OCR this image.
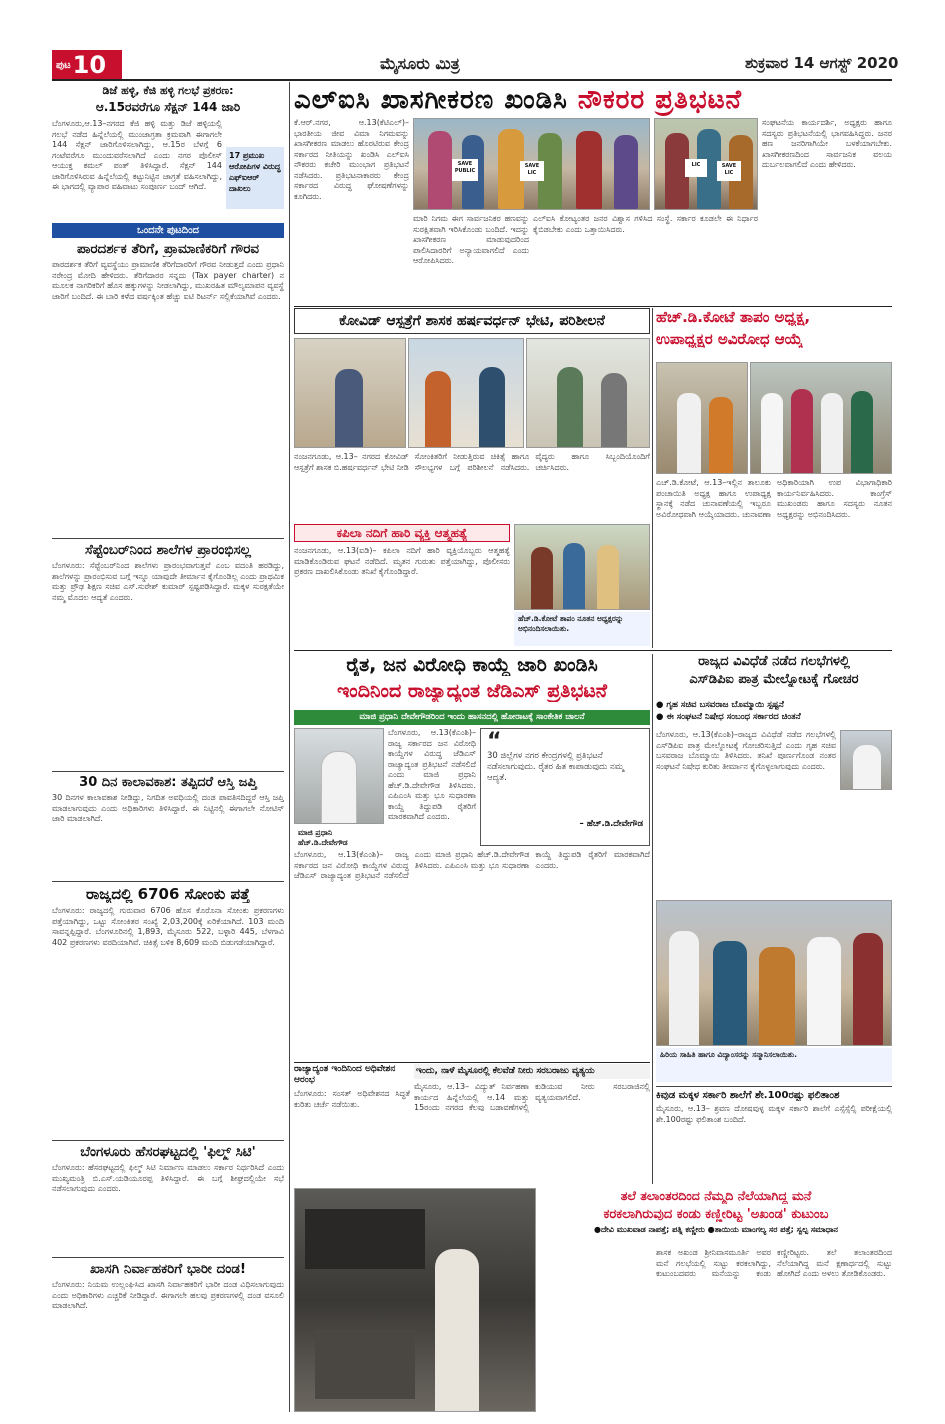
ಪುಟ 10	ಮೈಸೂರು ಮಿತ್ರ	ಶುಕ್ರವಾರ 14 ಆಗಸ್ಟ್ 2020
ಡಿಜೆ ಹಳ್ಳಿ, ಕೆಜಿ ಹಳ್ಳಿ ಗಲಭೆ ಪ್ರಕರಣ:
ಆ.15ರವರೆಗೂ ಸೆಕ್ಷನ್ 144 ಜಾರಿ
ಬೆಂಗಳೂರು,ಆ.13–ನಗರದ ಕೆಜಿ ಹಳ್ಳಿ ಮತ್ತು ಡಿಜೆ ಹಳ್ಳಿಯಲ್ಲಿ ಗಲಭೆ ನಡೆದ ಹಿನ್ನೆಲೆಯಲ್ಲಿ ಮುಂಜಾಗ್ರತಾ ಕ್ರಮವಾಗಿ ಈಗಾಗಲೇ 144 ಸೆಕ್ಷನ್ ಜಾರಿಗೊಳಿಸಲಾಗಿದ್ದು, ಆ.15ರ ಬೆಳಗ್ಗೆ 6 ಗಂಟೆವರೆಗೂ ಮುಂದುವರೆಸಲಾಗಿದೆ ಎಂದು ನಗರ ಪೊಲೀಸ್ ಆಯುಕ್ತ ಕಮಲ್ ಪಂತ್ ತಿಳಿಸಿದ್ದಾರೆ. ಸೆಕ್ಷನ್ 144 ಜಾರಿಗೊಳಿಸಿರುವ ಹಿನ್ನೆಲೆಯಲ್ಲಿ ಕಟ್ಟುನಿಟ್ಟಿನ ಜಾಗ್ರತೆ ವಹಿಸಲಾಗಿದ್ದು, ಈ ಭಾಗದಲ್ಲಿ ವ್ಯಾಪಾರ ವಹಿವಾಟು ಸಂಪೂರ್ಣ ಬಂದ್ ಆಗಿದೆ.
17 ಪ್ರಮುಖ ಆರೋಪಿಗಳ ವಿರುದ್ಧ ಎಫ್‍ಐಆರ್ ದಾಖಲು
ಒಂದನೇ ಪುಟದಿಂದ
ಪಾರದರ್ಶಕ ತೆರಿಗೆ, ಪ್ರಾಮಾಣಿಕರಿಗೆ ಗೌರವ
ಪಾರದರ್ಶಕ ತೆರಿಗೆ ವ್ಯವಸ್ಥೆಯು ಪ್ರಾಮಾಣಿಕ ತೆರಿಗೆದಾರರಿಗೆ ಗೌರವ ನೀಡುತ್ತದೆ ಎಂದು ಪ್ರಧಾನಿ ನರೇಂದ್ರ ಮೋದಿ ಹೇಳಿದರು. ತೆರಿಗೆದಾರರ ಸನ್ನದು (Tax payer charter) ನ ಮೂಲಕ ನಾಗರಿಕರಿಗೆ ಹೊಸ ಹಕ್ಕುಗಳನ್ನು ನೀಡಲಾಗಿದ್ದು, ಮುಖರಹಿತ ಮೌಲ್ಯಮಾಪನ ವ್ಯವಸ್ಥೆ ಜಾರಿಗೆ ಬಂದಿದೆ. ಈ ಬಾರಿ ಕಳೆದ ವರ್ಷಕ್ಕಿಂತ ಹೆಚ್ಚು ಐಟಿ ರಿಟರ್ನ್ ಸಲ್ಲಿಕೆಯಾಗಿವೆ ಎಂದರು.
ಸೆಪ್ಟೆಂಬರ್‌ನಿಂದ ಶಾಲೆಗಳ ಪ್ರಾರಂಭಿಸಲ್ಲ
ಬೆಂಗಳೂರು: ಸೆಪ್ಟೆಂಬರ್‌ನಿಂದ ಶಾಲೆಗಳು ಪ್ರಾರಂಭವಾಗುತ್ತವೆ ಎಂಬ ವದಂತಿ ಹರಡಿದ್ದು, ಶಾಲೆಗಳನ್ನು ಪ್ರಾರಂಭಿಸುವ ಬಗ್ಗೆ ಇನ್ನೂ ಯಾವುದೇ ತೀರ್ಮಾನ ಕೈಗೊಂಡಿಲ್ಲ ಎಂದು ಪ್ರಾಥಮಿಕ ಮತ್ತು ಪ್ರೌಢ ಶಿಕ್ಷಣ ಸಚಿವ ಎಸ್.ಸುರೇಶ್ ಕುಮಾರ್ ಸ್ಪಷ್ಟಪಡಿಸಿದ್ದಾರೆ. ಮಕ್ಕಳ ಸುರಕ್ಷತೆಯೇ ನಮ್ಮ ಮೊದಲ ಆದ್ಯತೆ ಎಂದರು.
30 ದಿನ ಕಾಲಾವಕಾಶ: ತಪ್ಪಿದರೆ ಆಸ್ತಿ ಜಪ್ತಿ
30 ದಿನಗಳ ಕಾಲಾವಕಾಶ ನೀಡಿದ್ದು, ನಿಗದಿತ ಅವಧಿಯಲ್ಲಿ ದಂಡ ಪಾವತಿಸದಿದ್ದರೆ ಆಸ್ತಿ ಜಪ್ತಿ ಮಾಡಲಾಗುವುದು ಎಂದು ಅಧಿಕಾರಿಗಳು ತಿಳಿಸಿದ್ದಾರೆ. ಈ ನಿಟ್ಟಿನಲ್ಲಿ ಈಗಾಗಲೇ ನೋಟಿಸ್ ಜಾರಿ ಮಾಡಲಾಗಿದೆ.
ರಾಜ್ಯದಲ್ಲಿ 6706 ಸೋಂಕು ಪತ್ತೆ
ಬೆಂಗಳೂರು: ರಾಜ್ಯದಲ್ಲಿ ಗುರುವಾರ 6706 ಹೊಸ ಕೊರೊನಾ ಸೋಂಕು ಪ್ರಕರಣಗಳು ಪತ್ತೆಯಾಗಿದ್ದು, ಒಟ್ಟು ಸೋಂಕಿತರ ಸಂಖ್ಯೆ 2,03,200ಕ್ಕೆ ಏರಿಕೆಯಾಗಿದೆ. 103 ಮಂದಿ ಸಾವನ್ನಪ್ಪಿದ್ದಾರೆ. ಬೆಂಗಳೂರಿನಲ್ಲಿ 1,893, ಮೈಸೂರು 522, ಬಳ್ಳಾರಿ 445, ಬೆಳಗಾವಿ 402 ಪ್ರಕರಣಗಳು ವರದಿಯಾಗಿವೆ. ಚಿಕಿತ್ಸೆ ಬಳಿಕ 8,609 ಮಂದಿ ಬಿಡುಗಡೆಯಾಗಿದ್ದಾರೆ.
ಬೆಂಗಳೂರು ಹೆಸರಘಟ್ಟದಲ್ಲಿ 'ಫಿಲ್ಮ್ ಸಿಟಿ'
ಬೆಂಗಳೂರು: ಹೆಸರಘಟ್ಟದಲ್ಲಿ ಫಿಲ್ಮ್ ಸಿಟಿ ನಿರ್ಮಾಣ ಮಾಡಲು ಸರ್ಕಾರ ನಿರ್ಧರಿಸಿದೆ ಎಂದು ಮುಖ್ಯಮಂತ್ರಿ ಬಿ.ಎಸ್.ಯಡಿಯೂರಪ್ಪ ತಿಳಿಸಿದ್ದಾರೆ. ಈ ಬಗ್ಗೆ ಶೀಘ್ರದಲ್ಲಿಯೇ ಸಭೆ ನಡೆಸಲಾಗುವುದು ಎಂದರು.
ಖಾಸಗಿ ನಿರ್ವಾಹಕರಿಗೆ ಭಾರೀ ದಂಡ!
ಬೆಂಗಳೂರು: ನಿಯಮ ಉಲ್ಲಂಘಿಸಿದ ಖಾಸಗಿ ನಿರ್ವಾಹಕರಿಗೆ ಭಾರೀ ದಂಡ ವಿಧಿಸಲಾಗುವುದು ಎಂದು ಅಧಿಕಾರಿಗಳು ಎಚ್ಚರಿಕೆ ನೀಡಿದ್ದಾರೆ. ಈಗಾಗಲೇ ಹಲವು ಪ್ರಕರಣಗಳಲ್ಲಿ ದಂಡ ವಸೂಲಿ ಮಾಡಲಾಗಿದೆ.
ಎಲ್‌ಐಸಿ ಖಾಸಗೀಕರಣ ಖಂಡಿಸಿ ನೌಕರರ ಪ್ರತಿಭಟನೆ
ಕೆ.ಆರ್.ನಗರ, ಆ.13(ಕೆಟಿಎಲ್)–ಭಾರತೀಯ ಜೀವ ವಿಮಾ ನಿಗಮವನ್ನು ಖಾಸಗೀಕರಣ ಮಾಡಲು ಹೊರಟಿರುವ ಕೇಂದ್ರ ಸರ್ಕಾರದ ನೀತಿಯನ್ನು ಖಂಡಿಸಿ ಎಲ್‌ಐಸಿ ನೌಕರರು ಕಚೇರಿ ಮುಂಭಾಗ ಪ್ರತಿಭಟನೆ ನಡೆಸಿದರು. ಪ್ರತಿಭಟನಾಕಾರರು ಕೇಂದ್ರ ಸರ್ಕಾರದ ವಿರುದ್ಧ ಘೋಷಣೆಗಳನ್ನು ಕೂಗಿದರು.
SAVE PUBLIC
SAVE LIC
LIC	SAVE LIC
ಸಂಘಟನೆಯ ಕಾರ್ಯದರ್ಶಿ, ಅಧ್ಯಕ್ಷರು ಹಾಗೂ ಸದಸ್ಯರು ಪ್ರತಿಭಟನೆಯಲ್ಲಿ ಭಾಗವಹಿಸಿದ್ದರು. ಜನರ ಹಣ ಜನರಿಗಾಗಿಯೇ ಬಳಕೆಯಾಗಬೇಕು. ಖಾಸಗೀಕರಣದಿಂದ ಸಾರ್ವಜನಿಕ ವಲಯ ದುರ್ಬಲವಾಗಲಿದೆ ಎಂದು ಹೇಳಿದರು.
ಮಾರಿ ನಿಗಮ ಈಗ ಸಾರ್ವಜನಿಕರ ಹಣವನ್ನು ಸುರಕ್ಷಿತವಾಗಿ ಇರಿಸಿಕೊಂಡು ಬಂದಿದೆ. ಇದನ್ನು ಖಾಸಗೀಕರಣ ಮಾಡುವುದರಿಂದ ಪಾಲಿಸಿದಾರರಿಗೆ ಅನ್ಯಾಯವಾಗಲಿದೆ ಎಂದು ಆರೋಪಿಸಿದರು.
ಎಲ್‌ಐಸಿ ಕೋಟ್ಯಂತರ ಜನರ ವಿಶ್ವಾಸ ಗಳಿಸಿದ ಸಂಸ್ಥೆ. ಸರ್ಕಾರ ಕೂಡಲೇ ಈ ನಿರ್ಧಾರ ಕೈಬಿಡಬೇಕು ಎಂದು ಒತ್ತಾಯಿಸಿದರು.
ಕೋವಿಡ್ ಆಸ್ಪತ್ರೆಗೆ ಶಾಸಕ ಹರ್ಷವರ್ಧನ್ ಭೇಟಿ, ಪರಿಶೀಲನೆ
ನಂಜನಗೂಡು, ಆ.13– ನಗರದ ಕೋವಿಡ್ ಆಸ್ಪತ್ರೆಗೆ ಶಾಸಕ ಬಿ.ಹರ್ಷವರ್ಧನ್ ಭೇಟಿ ನೀಡಿ ಸೋಂಕಿತರಿಗೆ ನೀಡುತ್ತಿರುವ ಚಿಕಿತ್ಸೆ ಹಾಗೂ ಸೌಲಭ್ಯಗಳ ಬಗ್ಗೆ ಪರಿಶೀಲನೆ ನಡೆಸಿದರು. ವೈದ್ಯರು ಹಾಗೂ ಸಿಬ್ಬಂದಿಯೊಂದಿಗೆ ಚರ್ಚಿಸಿದರು.
ಕಪಿಲಾ ನದಿಗೆ ಹಾರಿ ವ್ಯಕ್ತಿ ಆತ್ಮಹತ್ಯೆ
ನಂಜನಗೂಡು, ಆ.13(ಐಡಿ)– ಕಪಿಲಾ ನದಿಗೆ ಹಾರಿ ವ್ಯಕ್ತಿಯೊಬ್ಬರು ಆತ್ಮಹತ್ಯೆ ಮಾಡಿಕೊಂಡಿರುವ ಘಟನೆ ನಡೆದಿದೆ. ಮೃತನ ಗುರುತು ಪತ್ತೆಯಾಗಿದ್ದು, ಪೊಲೀಸರು ಪ್ರಕರಣ ದಾಖಲಿಸಿಕೊಂಡು ತನಿಖೆ ಕೈಗೊಂಡಿದ್ದಾರೆ.
ಹೆಚ್.ಡಿ.ಕೋಟೆ ತಾಪಂ ನೂತನ ಅಧ್ಯಕ್ಷರನ್ನು ಅಭಿನಂದಿಸಲಾಯಿತು.
ಹೆಚ್.ಡಿ.ಕೋಟೆ ತಾಪಂ ಅಧ್ಯಕ್ಷ,
ಉಪಾಧ್ಯಕ್ಷರ ಅವಿರೋಧ ಆಯ್ಕೆ
ಎಚ್.ಡಿ.ಕೋಟೆ, ಆ.13–ಇಲ್ಲಿನ ತಾಲೂಕು ಪಂಚಾಯಿತಿ ಅಧ್ಯಕ್ಷ ಹಾಗೂ ಉಪಾಧ್ಯಕ್ಷ ಸ್ಥಾನಕ್ಕೆ ನಡೆದ ಚುನಾವಣೆಯಲ್ಲಿ ಇಬ್ಬರೂ ಅವಿರೋಧವಾಗಿ ಆಯ್ಕೆಯಾದರು. ಚುನಾವಣಾ ಅಧಿಕಾರಿಯಾಗಿ ಉಪ ವಿಭಾಗಾಧಿಕಾರಿ ಕಾರ್ಯನಿರ್ವಹಿಸಿದರು. ಕಾಂಗ್ರೆಸ್ ಮುಖಂಡರು ಹಾಗೂ ಸದಸ್ಯರು ನೂತನ ಅಧ್ಯಕ್ಷರನ್ನು ಅಭಿನಂದಿಸಿದರು.
ರೈತ, ಜನ ವಿರೋಧಿ ಕಾಯ್ದೆ ಜಾರಿ ಖಂಡಿಸಿ
ಇಂದಿನಿಂದ ರಾಜ್ಯಾದ್ಯಂತ ಜೆಡಿಎಸ್ ಪ್ರತಿಭಟನೆ
ಮಾಜಿ ಪ್ರಧಾನಿ ದೇವೇಗೌಡರಿಂದ ಇಂದು ಹಾಸನದಲ್ಲಿ ಹೋರಾಟಕ್ಕೆ ಸಾಂಕೇತಿಕ ಚಾಲನೆ
ಮಾಜಿ ಪ್ರಧಾನಿ ಹೆಚ್.ಡಿ.ದೇವೇಗೌಡ
ಬೆಂಗಳೂರು, ಆ.13(ಕೆಎಂಶಿ)– ರಾಜ್ಯ ಸರ್ಕಾರದ ಜನ ವಿರೋಧಿ ಕಾಯ್ದೆಗಳ ವಿರುದ್ಧ ಜೆಡಿಎಸ್ ರಾಜ್ಯಾದ್ಯಂತ ಪ್ರತಿಭಟನೆ ನಡೆಸಲಿದೆ ಎಂದು ಮಾಜಿ ಪ್ರಧಾನಿ ಹೆಚ್.ಡಿ.ದೇವೇಗೌಡ ತಿಳಿಸಿದರು. ಎಪಿಎಂಸಿ ಮತ್ತು ಭೂ ಸುಧಾರಣಾ ಕಾಯ್ದೆ ತಿದ್ದುಪಡಿ ರೈತರಿಗೆ ಮಾರಕವಾಗಿದೆ ಎಂದರು.
“
30 ಜಿಲ್ಲೆಗಳ ನಗರ ಕೇಂದ್ರಗಳಲ್ಲಿ ಪ್ರತಿಭಟನೆ ನಡೆಸಲಾಗುವುದು. ರೈತರ ಹಿತ ಕಾಪಾಡುವುದು ನಮ್ಮ ಆದ್ಯತೆ.
– ಹೆಚ್.ಡಿ.ದೇವೇಗೌಡ
ಬೆಂಗಳೂರು, ಆ.13(ಕೆಎಂಶಿ)– ರಾಜ್ಯ ಸರ್ಕಾರದ ಜನ ವಿರೋಧಿ ಕಾಯ್ದೆಗಳ ವಿರುದ್ಧ ಜೆಡಿಎಸ್ ರಾಜ್ಯಾದ್ಯಂತ ಪ್ರತಿಭಟನೆ ನಡೆಸಲಿದೆ ಎಂದು ಮಾಜಿ ಪ್ರಧಾನಿ ಹೆಚ್.ಡಿ.ದೇವೇಗೌಡ ತಿಳಿಸಿದರು. ಎಪಿಎಂಸಿ ಮತ್ತು ಭೂ ಸುಧಾರಣಾ ಕಾಯ್ದೆ ತಿದ್ದುಪಡಿ ರೈತರಿಗೆ ಮಾರಕವಾಗಿದೆ ಎಂದರು.
ರಾಜ್ಯಾದ್ಯಂತ ಇಂದಿನಿಂದ ಅಧಿವೇಶನ ಆರಂಭ
ಬೆಂಗಳೂರು: ಸಂಸತ್ ಅಧಿವೇಶನದ ಸಿದ್ಧತೆ ಕುರಿತು ಚರ್ಚೆ ನಡೆಯಿತು.
ಇಂದು, ನಾಳೆ ಮೈಸೂರಲ್ಲಿ ಕೆಲವೆಡೆ ನೀರು ಸರಬರಾಜು ವ್ಯತ್ಯಯ
ಮೈಸೂರು, ಆ.13– ವಿದ್ಯುತ್ ನಿರ್ವಹಣಾ ಕಾರ್ಯದ ಹಿನ್ನೆಲೆಯಲ್ಲಿ ಆ.14 ಮತ್ತು 15ರಂದು ನಗರದ ಕೆಲವು ಬಡಾವಣೆಗಳಲ್ಲಿ ಕುಡಿಯುವ ನೀರು ಸರಬರಾಜಿನಲ್ಲಿ ವ್ಯತ್ಯಯವಾಗಲಿದೆ.
ರಾಜ್ಯದ ವಿವಿಧೆಡೆ ನಡೆದ ಗಲಭೆಗಳಲ್ಲಿ
ಎಸ್‌ಡಿಪಿಐ ಪಾತ್ರ ಮೇಲ್ನೋಟಕ್ಕೆ ಗೋಚರ
● ಗೃಹ ಸಚಿವ ಬಸವರಾಜ ಬೊಮ್ಮಾಯಿ ಸ್ಪಷ್ಟನೆ
● ಈ ಸಂಘಟನೆ ನಿಷೇಧ ಸಂಬಂಧ ಸರ್ಕಾರದ ಚಿಂತನೆ
ಬೆಂಗಳೂರು, ಆ.13(ಕೆಎಂಶಿ)–ರಾಜ್ಯದ ವಿವಿಧೆಡೆ ನಡೆದ ಗಲಭೆಗಳಲ್ಲಿ ಎಸ್‌ಡಿಪಿಐ ಪಾತ್ರ ಮೇಲ್ನೋಟಕ್ಕೆ ಗೋಚರಿಸುತ್ತಿದೆ ಎಂದು ಗೃಹ ಸಚಿವ ಬಸವರಾಜ ಬೊಮ್ಮಾಯಿ ತಿಳಿಸಿದರು. ತನಿಖೆ ಪೂರ್ಣಗೊಂಡ ನಂತರ ಸಂಘಟನೆ ನಿಷೇಧ ಕುರಿತು ತೀರ್ಮಾನ ಕೈಗೊಳ್ಳಲಾಗುವುದು ಎಂದರು.
ಹಿರಿಯ ಸಾಹಿತಿ ಹಾಗೂ ವಿದ್ಯಾಂಸರನ್ನು ಸನ್ಮಾನಿಸಲಾಯಿತು.
ಕಿವುಡ ಮಕ್ಕಳ ಸರ್ಕಾರಿ ಶಾಲೆಗೆ ಶೇ.100ರಷ್ಟು ಫಲಿತಾಂಶ
ಮೈಸೂರು, ಆ.13– ಶ್ರವಣ ದೋಷವುಳ್ಳ ಮಕ್ಕಳ ಸರ್ಕಾರಿ ಶಾಲೆಗೆ ಎಸ್ಸೆಸ್ಸೆಲ್ಸಿ ಪರೀಕ್ಷೆಯಲ್ಲಿ ಶೇ.100ರಷ್ಟು ಫಲಿತಾಂಶ ಬಂದಿದೆ.
ತಲೆ ತಲಾಂತರದಿಂದ ನೆಮ್ಮದಿ ನೆಲೆಯಾಗಿದ್ದ ಮನೆ
ಕರಕಲಾಗಿರುವುದ ಕಂಡು ಕಣ್ಣೀರಿಟ್ಟ 'ಅಖಂಡ' ಕುಟುಂಬ
●ದೇವಿ ಮುಖವಾಡ ನಾಪತ್ತೆ; ಪತ್ನಿ ಕಣ್ಣೀರು ●ತಾಯಿಯ ಮಾಂಗಲ್ಯ ಸರ ಪತ್ತೆ; ಸ್ವಲ್ಪ ಸಮಾಧಾನ
ಶಾಸಕ ಅಖಂಡ ಶ್ರೀನಿವಾಸಮೂರ್ತಿ ಅವರ ಮನೆ ಗಲಭೆಯಲ್ಲಿ ಸುಟ್ಟು ಕರಕಲಾಗಿದ್ದು, ಕುಟುಂಬದವರು ಮನೆಯನ್ನು ಕಂಡು ಕಣ್ಣೀರಿಟ್ಟರು. ತಲೆ ತಲಾಂತರದಿಂದ ನೆಲೆಯಾಗಿದ್ದ ಮನೆ ಕ್ಷಣಾರ್ಧದಲ್ಲಿ ಸುಟ್ಟು ಹೋಗಿದೆ ಎಂದು ಅಳಲು ತೋಡಿಕೊಂಡರು.
